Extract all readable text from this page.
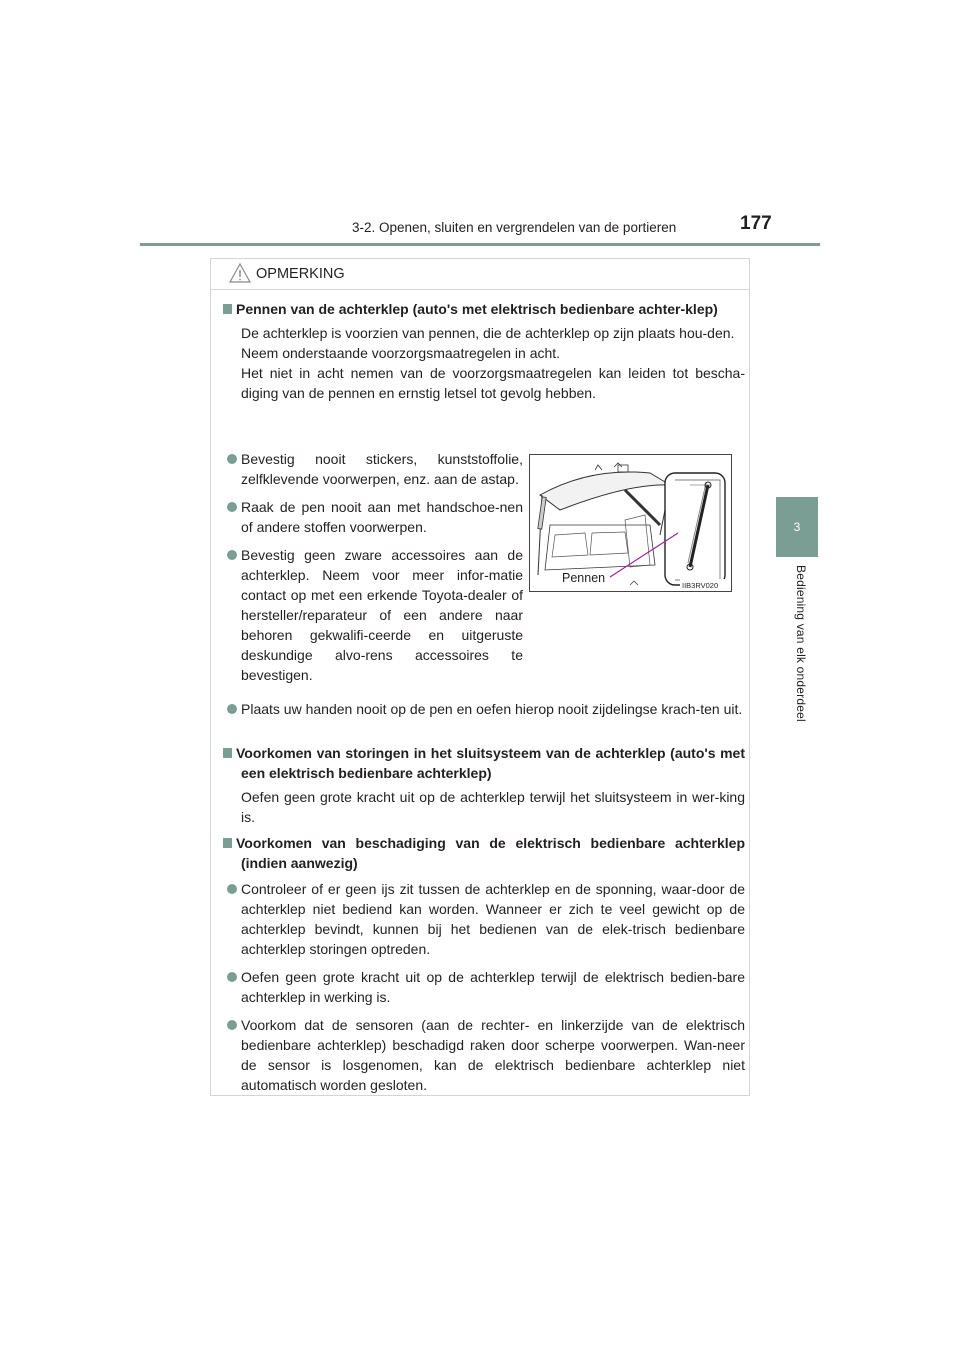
3-2. Openen, sluiten en vergrendelen van de portieren	177
3
Bediening van elk onderdeel
OPMERKING
Pennen van de achterklep (auto's met elektrisch bedienbare achter-klep)
De achterklep is voorzien van pennen, die de achterklep op zijn plaats hou-den.
Neem onderstaande voorzorgsmaatregelen in acht.
Het niet in acht nemen van de voorzorgsmaatregelen kan leiden tot bescha-diging van de pennen en ernstig letsel tot gevolg hebben.
Bevestig nooit stickers, kunststoffolie, zelfklevende voorwerpen, enz. aan de astap.
Raak de pen nooit aan met handschoe-nen of andere stoffen voorwerpen.
Bevestig geen zware accessoires aan de achterklep. Neem voor meer infor-matie contact op met een erkende Toyota-dealer of hersteller/reparateur of een andere naar behoren gekwalifi-ceerde en uitgeruste deskundige alvo-rens accessoires te bevestigen.
Pennen
IIB3RV020
Plaats uw handen nooit op de pen en oefen hierop nooit zijdelingse krach-ten uit.
Voorkomen van storingen in het sluitsysteem van de achterklep (auto's met een elektrisch bedienbare achterklep)
Oefen geen grote kracht uit op de achterklep terwijl het sluitsysteem in wer-king is.
Voorkomen van beschadiging van de elektrisch bedienbare achterklep (indien aanwezig)
Controleer of er geen ijs zit tussen de achterklep en de sponning, waar-door de achterklep niet bediend kan worden. Wanneer er zich te veel gewicht op de achterklep bevindt, kunnen bij het bedienen van de elek-trisch bedienbare achterklep storingen optreden.
Oefen geen grote kracht uit op de achterklep terwijl de elektrisch bedien-bare achterklep in werking is.
Voorkom dat de sensoren (aan de rechter- en linkerzijde van de elektrisch bedienbare achterklep) beschadigd raken door scherpe voorwerpen. Wan-neer de sensor is losgenomen, kan de elektrisch bedienbare achterklep niet automatisch worden gesloten.
